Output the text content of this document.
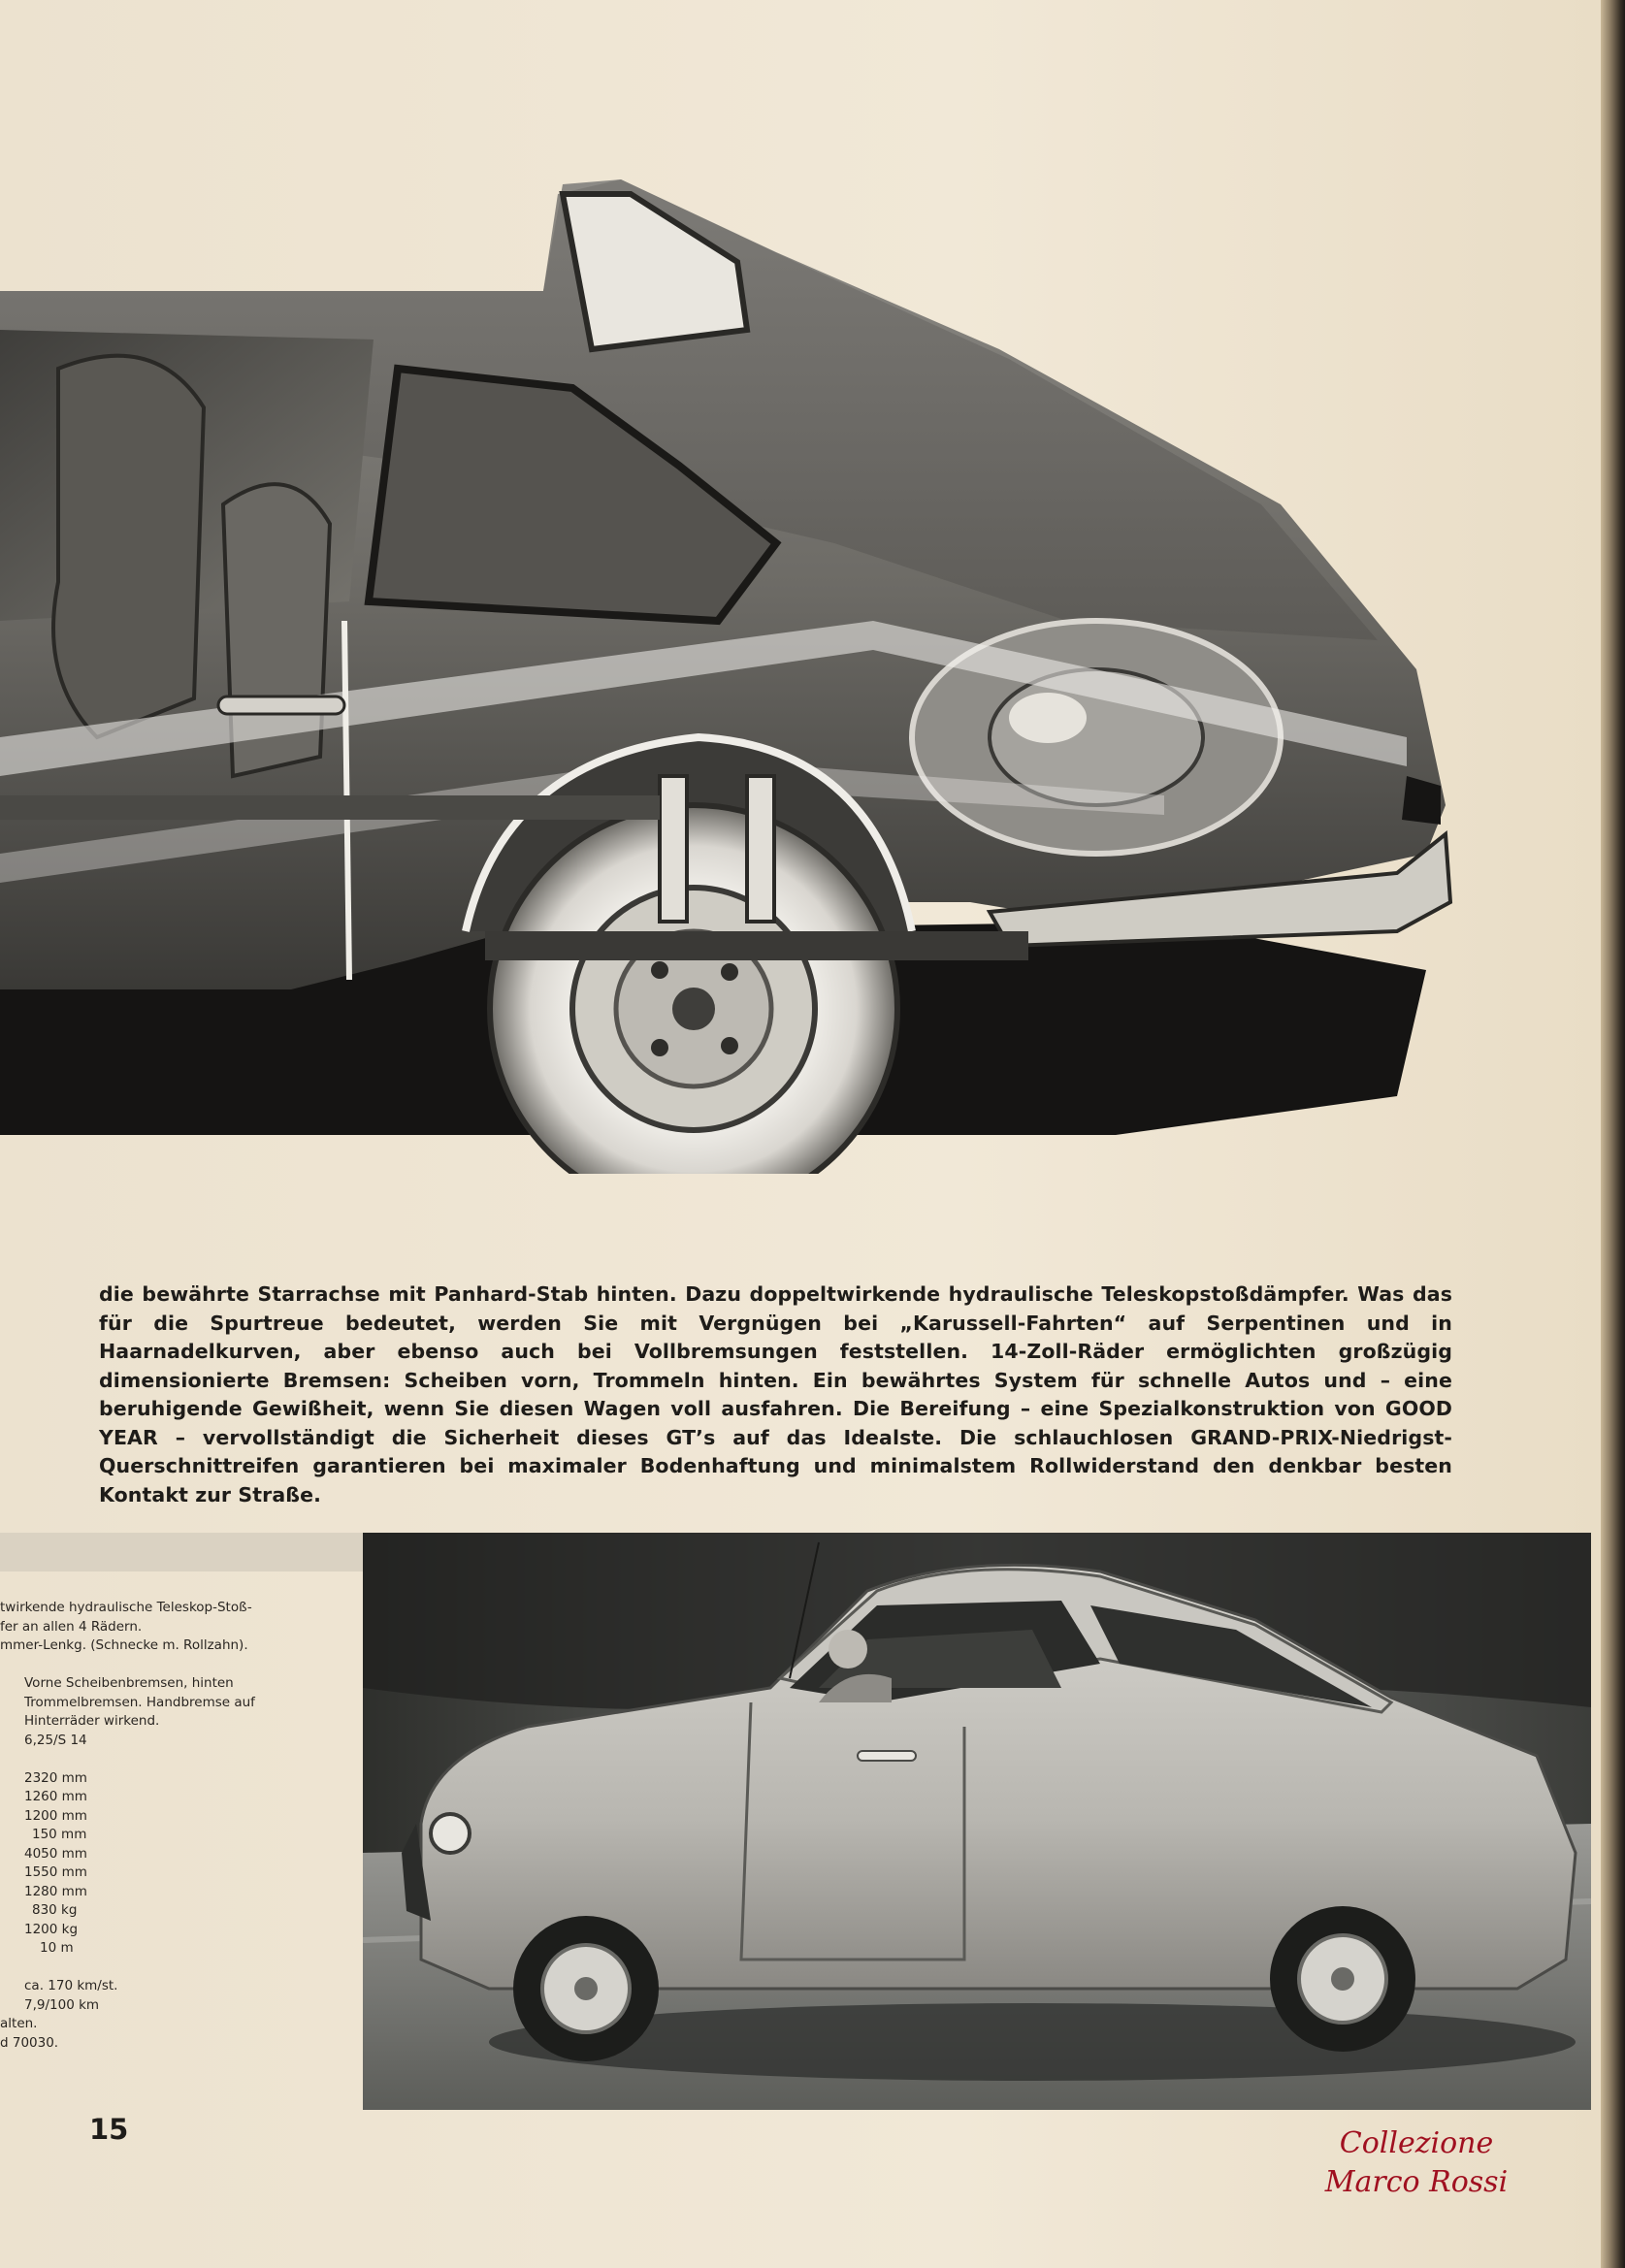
die bewährte Starrachse mit Panhard-Stab hinten. Dazu doppeltwirkende hydraulische Teleskopstoßdämpfer. Was das für die Spurtreue bedeutet, werden Sie mit Vergnügen bei „Karussell-Fahrten“ auf Serpentinen und in Haarnadelkurven, aber ebenso auch bei Vollbremsungen feststellen. 14-Zoll-Räder ermöglichten großzügig dimensionierte Bremsen: Scheiben vorn, Trommeln hinten. Ein bewährtes System für schnelle Autos und – eine beruhigende Gewißheit, wenn Sie diesen Wagen voll ausfahren. Die Bereifung – eine Spezialkonstruktion von GOOD YEAR – vervollständigt die Sicherheit dieses GT’s auf das Idealste. Die schlauchlosen GRAND-PRIX-Niedrigst-Querschnittreifen garantieren bei maximaler Bodenhaftung und minimalstem Rollwiderstand den denkbar besten Kontakt zur Straße.
twirkende hydraulische Teleskop-Stoß-
fer an allen 4 Rädern.
mmer-Lenkg. (Schnecke m. Rollzahn).

Vorne Scheibenbremsen, hinten
Trommelbremsen. Handbremse auf
Hinterräder wirkend.
6,25/S 14

2320 mm
1260 mm
1200 mm
150 mm
4050 mm
1550 mm
1280 mm
830 kg
1200 kg
10 m

ca. 170 km/st.
7,9/100 km
alten.
d 70030.
15	Collezione
Marco Rossi
